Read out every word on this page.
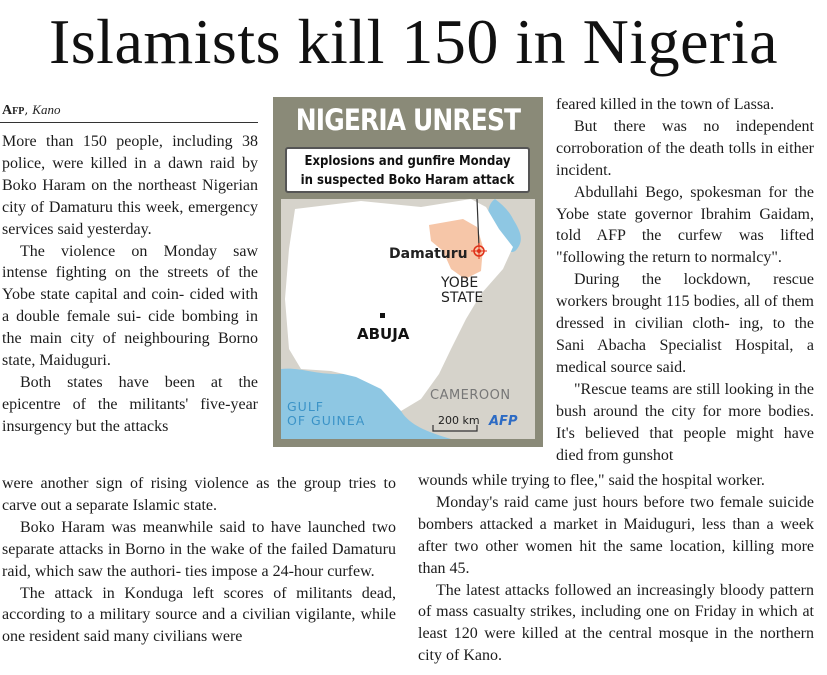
Islamists kill 150 in Nigeria
Afp, Kano

More than 150 people, including 38 police, were killed in a dawn raid by Boko Haram on the northeast Nigerian city of Damaturu this week, emergency services said yesterday.

The violence on Monday saw intense fighting on the streets of the Yobe state capital and coin- cided with a double female sui- cide bombing in the main city of neighbouring Borno state, Maiduguri.

Both states have been at the epicentre of the militants' five-year insurgency but the attacks

were another sign of rising violence as the group tries to carve out a separate Islamic state.

Boko Haram was meanwhile said to have launched two separate attacks in Borno in the wake of the failed Damaturu raid, which saw the authori- ties impose a 24-hour curfew.

The attack in Konduga left scores of militants dead, according to a military source and a civilian vigilante, while one resident said many civilians were

feared killed in the town of Lassa.

But there was no independent corroboration of the death tolls in either incident.

Abdullahi Bego, spokesman for the Yobe state governor Ibrahim Gaidam, told AFP the curfew was lifted "following the return to normalcy".

During the lockdown, rescue workers brought 115 bodies, all of them dressed in civilian cloth- ing, to the Sani Abacha Specialist Hospital, a medical source said.

"Rescue teams are still looking in the bush around the city for more bodies. It's believed that people might have died from gunshot

wounds while trying to flee," said the hospital worker.

Monday's raid came just hours before two female suicide bombers attacked a market in Maiduguri, less than a week after two other women hit the same location, killing more than 45.

The latest attacks followed an increasingly bloody pattern of mass casualty strikes, including one on Friday in which at least 120 were killed at the central mosque in the northern city of Kano.

NIGERIA UNREST
Explosions and gunfire Monday
in suspected Boko Haram attack
Damaturu
YOBE
STATE
ABUJA
CAMEROON
GULF
OF GUINEA	200 km AFP
